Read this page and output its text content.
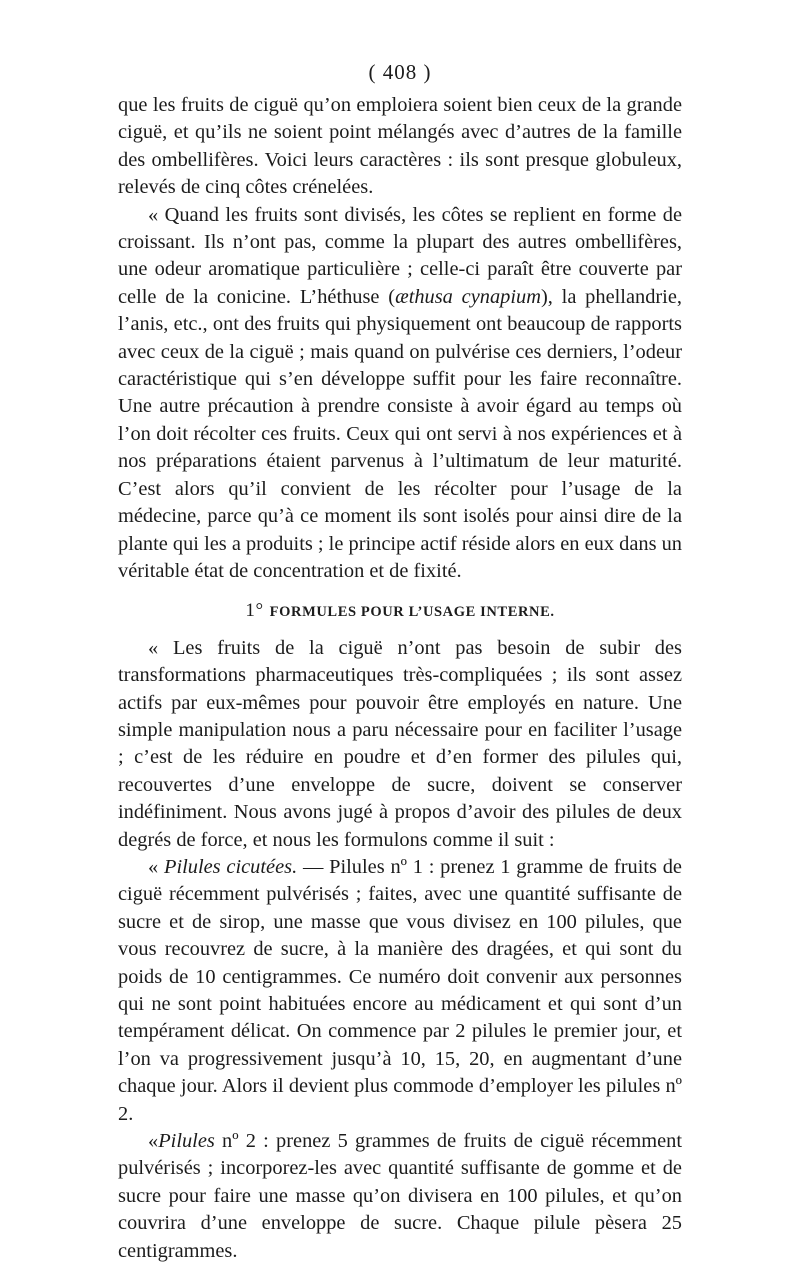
( 408 )

que les fruits de ciguë qu’on emploiera soient bien ceux de la grande ciguë, et qu’ils ne soient point mélangés avec d’autres de la famille des ombellifères. Voici leurs caractères : ils sont presque globuleux, relevés de cinq côtes crénelées.

« Quand les fruits sont divisés, les côtes se replient en forme de croissant. Ils n’ont pas, comme la plupart des autres ombellifères, une odeur aromatique particulière ; celle-ci paraît être couverte par celle de la conicine. L’héthuse (æthusa cynapium), la phellandrie, l’anis, etc., ont des fruits qui physiquement ont beaucoup de rapports avec ceux de la ciguë ; mais quand on pulvérise ces derniers, l’odeur caractéristique qui s’en développe suffit pour les faire reconnaître. Une autre précaution à prendre consiste à avoir égard au temps où l’on doit récolter ces fruits. Ceux qui ont servi à nos expériences et à nos préparations étaient parvenus à l’ultimatum de leur maturité. C’est alors qu’il convient de les récolter pour l’usage de la médecine, parce qu’à ce moment ils sont isolés pour ainsi dire de la plante qui les a produits ; le principe actif réside alors en eux dans un véritable état de concentration et de fixité.

1° FORMULES POUR L’USAGE INTERNE.

« Les fruits de la ciguë n’ont pas besoin de subir des transformations pharmaceutiques très-compliquées ; ils sont assez actifs par eux-mêmes pour pouvoir être employés en nature. Une simple manipulation nous a paru nécessaire pour en faciliter l’usage ; c’est de les réduire en poudre et d’en former des pilules qui, recouvertes d’une enveloppe de sucre, doivent se conserver indéfiniment. Nous avons jugé à propos d’avoir des pilules de deux degrés de force, et nous les formulons comme il suit :

« Pilules cicutées. — Pilules nº 1 : prenez 1 gramme de fruits de ciguë récemment pulvérisés ; faites, avec une quantité suffisante de sucre et de sirop, une masse que vous divisez en 100 pilules, que vous recouvrez de sucre, à la manière des dragées, et qui sont du poids de 10 centigrammes. Ce numéro doit convenir aux personnes qui ne sont point habituées encore au médicament et qui sont d’un tempérament délicat. On commence par 2 pilules le premier jour, et l’on va progressivement jusqu’à 10, 15, 20, en augmentant d’une chaque jour. Alors il devient plus commode d’employer les pilules nº 2.

«Pilules nº 2 : prenez 5 grammes de fruits de ciguë récemment pulvérisés ; incorporez-les avec quantité suffisante de gomme et de sucre pour faire une masse qu’on divisera en 100 pilules, et qu’on couvrira d’une enveloppe de sucre. Chaque pilule pèsera 25 centigrammes.
